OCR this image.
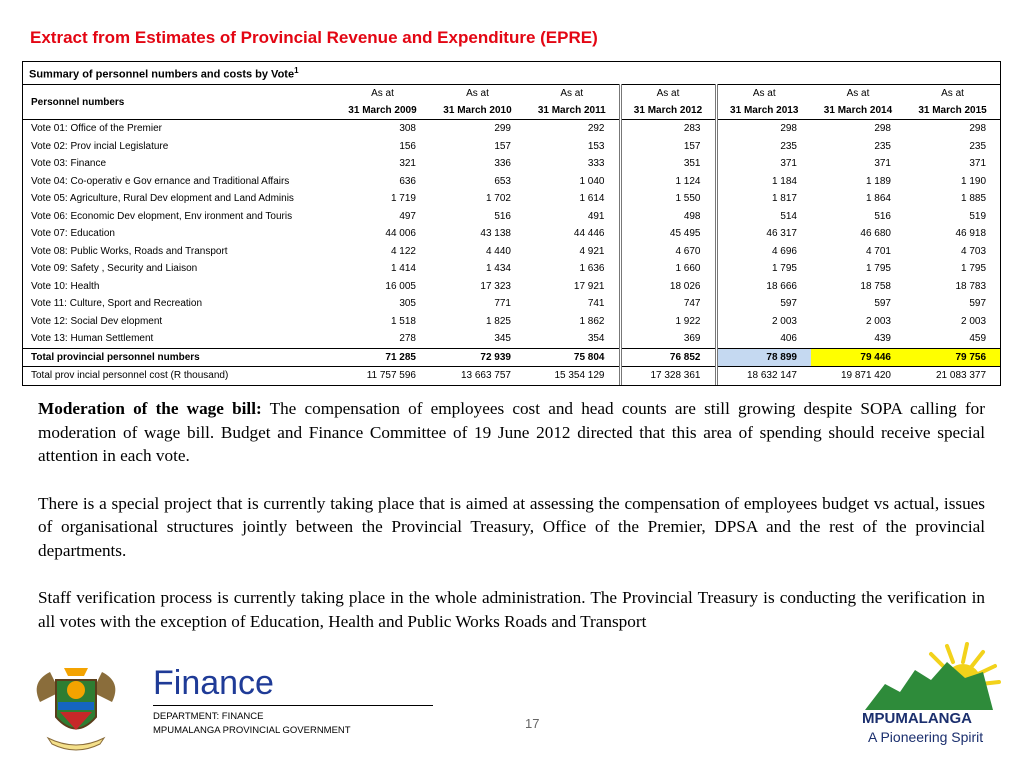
Extract from Estimates of Provincial Revenue and Expenditure (EPRE)
Summary of personnel numbers and costs by Vote$^1$
Personnel numbers	As at	As at	As at	As at	As at	As at	As at
	31 March 2009	31 March 2010	31 March 2011	31 March 2012	31 March 2013	31 March 2014	31 March 2015
Vote 01: Office of the Premier	308	299	292	283	298	298	298
Vote 02: Prov incial Legislature	156	157	153	157	235	235	235
Vote 03: Finance	321	336	333	351	371	371	371
Vote 04: Co-operativ e Gov ernance and Traditional Affairs	636	653	1 040	1 124	1 184	1 189	1 190
Vote 05: Agriculture, Rural Dev elopment and Land Adminis	1 719	1 702	1 614	1 550	1 817	1 864	1 885
Vote 06: Economic Dev elopment, Env ironment and Touris	497	516	491	498	514	516	519
Vote 07: Education	44 006	43 138	44 446	45 495	46 317	46 680	46 918
Vote 08: Public Works, Roads and Transport	4 122	4 440	4 921	4 670	4 696	4 701	4 703
Vote 09: Safety , Security and Liaison	1 414	1 434	1 636	1 660	1 795	1 795	1 795
Vote 10: Health	16 005	17 323	17 921	18 026	18 666	18 758	18 783
Vote 11: Culture, Sport and Recreation	305	771	741	747	597	597	597
Vote 12: Social Dev elopment	1 518	1 825	1 862	1 922	2 003	2 003	2 003
Vote 13: Human Settlement	278	345	354	369	406	439	459
Total provincial personnel numbers	71 285	72 939	75 804	76 852	78 899	79 446	79 756
Total prov incial personnel cost (R thousand)	11 757 596	13 663 757	15 354 129	17 328 361	18 632 147	19 871 420	21 083 377

Moderation of the wage bill: The compensation of employees cost and head counts are still growing despite SOPA calling for moderation of wage bill. Budget and Finance Committee of 19 June 2012 directed that this area of spending should receive special attention in each vote.

There is a special project that is currently taking place that is aimed at assessing the compensation of employees budget vs actual, issues of organisational structures jointly between the Provincial Treasury, Office of the Premier, DPSA and the rest of the provincial departments.

Staff verification process is currently taking place in the whole administration. The Provincial Treasury is conducting the verification in all votes with the exception of Education, Health and Public Works Roads and Transport

Finance
DEPARTMENT: FINANCE
MPUMALANGA PROVINCIAL GOVERNMENT	17	MPUMALANGA
A Pioneering Spirit
